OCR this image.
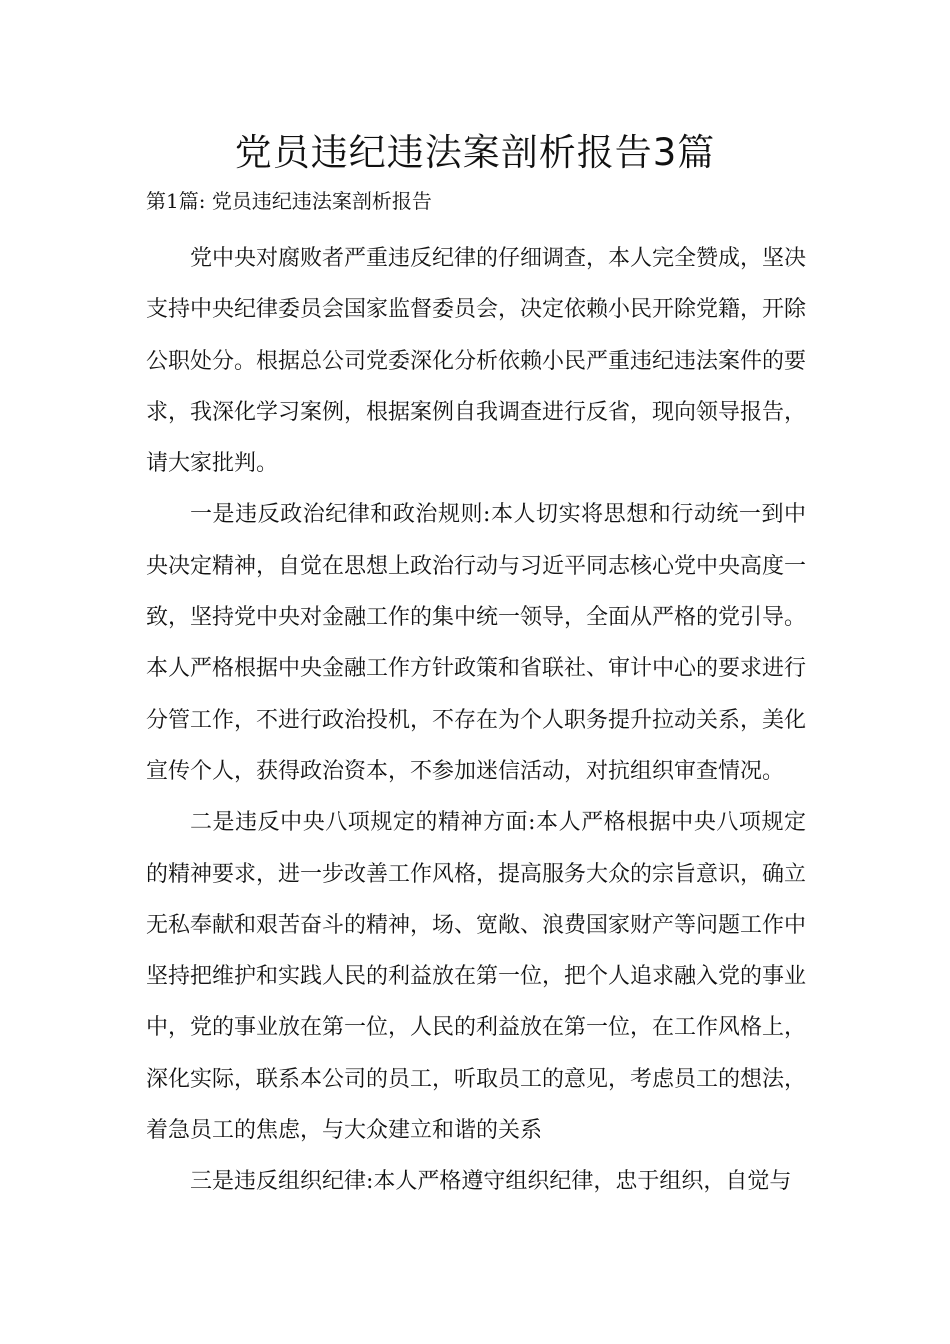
党员违纪违法案剖析报告3篇

第1篇: 党员违纪违法案剖析报告

党中央对腐败者严重违反纪律的仔细调查，本人完全赞成，坚决支持中央纪律委员会国家监督委员会，决定依赖小民开除党籍，开除公职处分。根据总公司党委深化分析依赖小民严重违纪违法案件的要求，我深化学习案例，根据案例自我调查进行反省，现向领导报告，请大家批判。

一是违反政治纪律和政治规则:本人切实将思想和行动统一到中央决定精神，自觉在思想上政治行动与习近平同志核心党中央高度一致，坚持党中央对金融工作的集中统一领导，全面从严格的党引导。本人严格根据中央金融工作方针政策和省联社、审计中心的要求进行分管工作，不进行政治投机，不存在为个人职务提升拉动关系，美化宣传个人，获得政治资本，不参加迷信活动，对抗组织审查情况。

二是违反中央八项规定的精神方面:本人严格根据中央八项规定的精神要求，进一步改善工作风格，提高服务大众的宗旨意识，确立无私奉献和艰苦奋斗的精神，场、宽敞、浪费国家财产等问题工作中坚持把维护和实践人民的利益放在第一位，把个人追求融入党的事业中，党的事业放在第一位，人民的利益放在第一位，在工作风格上，深化实际，联系本公司的员工，听取员工的意见，考虑员工的想法，着急员工的焦虑，与大众建立和谐的关系

三是违反组织纪律:本人严格遵守组织纪律，忠于组织，自觉与
